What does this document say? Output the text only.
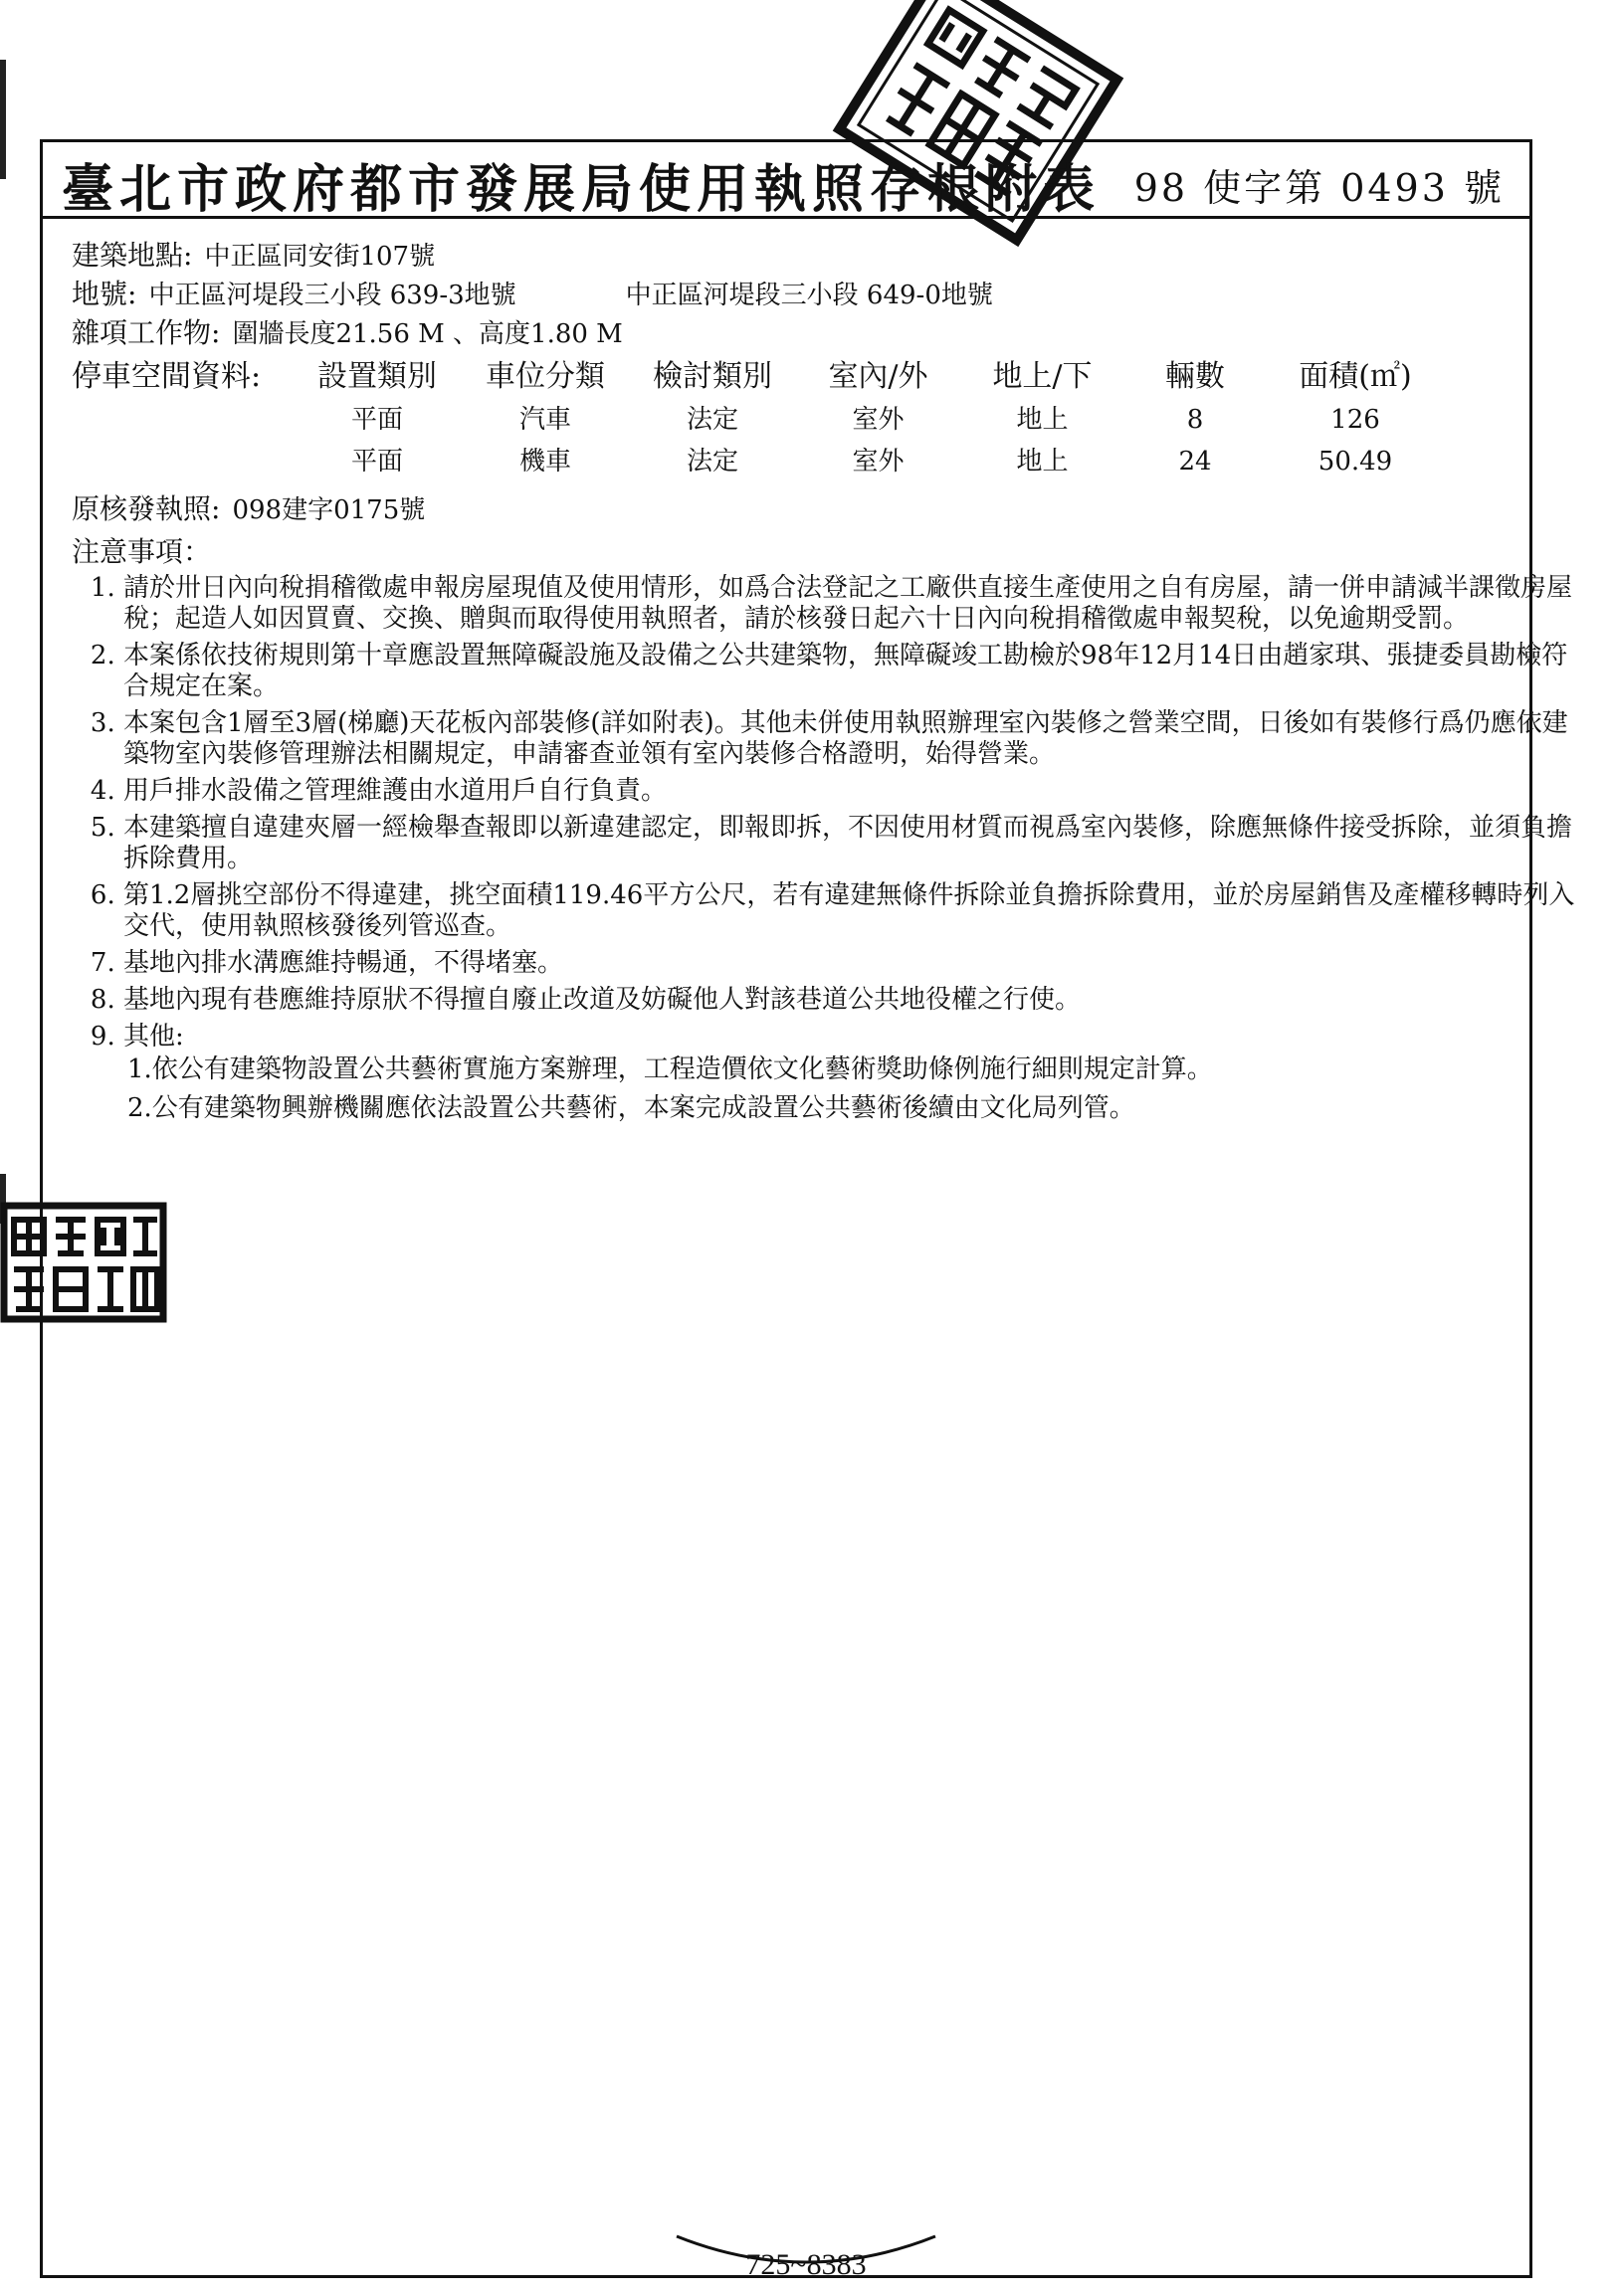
臺北市政府都市發展局使用執照存根附表 98 使字第 0493 號
建築地點: 中正區同安街107號
地號: 中正區河堤段三小段 639-3地號	中正區河堤段三小段 649-0地號
雜項工作物: 圍牆長度21.56 M 、高度1.80 M
停車空間資料:	設置類別	車位分類	檢討類別	室內/外	地上/下	輛數	面積(㎡)
	平面	汽車	法定	室外	地上	8	126
	平面	機車	法定	室外	地上	24	50.49
原核發執照: 098建字0175號
注意事項：
1. 請於卅日內向稅捐稽徵處申報房屋現值及使用情形，如爲合法登記之工廠供直接生產使用之自有房屋，請一併申請減半課徵房屋稅；起造人如因買賣、交換、贈與而取得使用執照者，請於核發日起六十日內向稅捐稽徵處申報契稅，以免逾期受罰。
2. 本案係依技術規則第十章應設置無障礙設施及設備之公共建築物，無障礙竣工勘檢於98年12月14日由趙家琪、張捷委員勘檢符合規定在案。
3. 本案包含1層至3層(梯廳)天花板內部裝修(詳如附表)。其他未併使用執照辦理室內裝修之營業空間，日後如有裝修行爲仍應依建築物室內裝修管理辦法相關規定，申請審查並領有室內裝修合格證明，始得營業。
4. 用戶排水設備之管理維護由水道用戶自行負責。
5. 本建築擅自違建夾層一經檢舉查報即以新違建認定，即報即拆，不因使用材質而視爲室內裝修，除應無條件接受拆除，並須負擔拆除費用。
6. 第1.2層挑空部份不得違建，挑空面積119.46平方公尺，若有違建無條件拆除並負擔拆除費用，並於房屋銷售及產權移轉時列入交代，使用執照核發後列管巡查。
7. 基地內排水溝應維持暢通，不得堵塞。
8. 基地內現有巷應維持原狀不得擅自廢止改道及妨礙他人對該巷道公共地役權之行使。
9. 其他:
1.依公有建築物設置公共藝術實施方案辦理，工程造價依文化藝術獎助條例施行細則規定計算。
2.公有建築物興辦機關應依法設置公共藝術，本案完成設置公共藝術後續由文化局列管。
725~8383
